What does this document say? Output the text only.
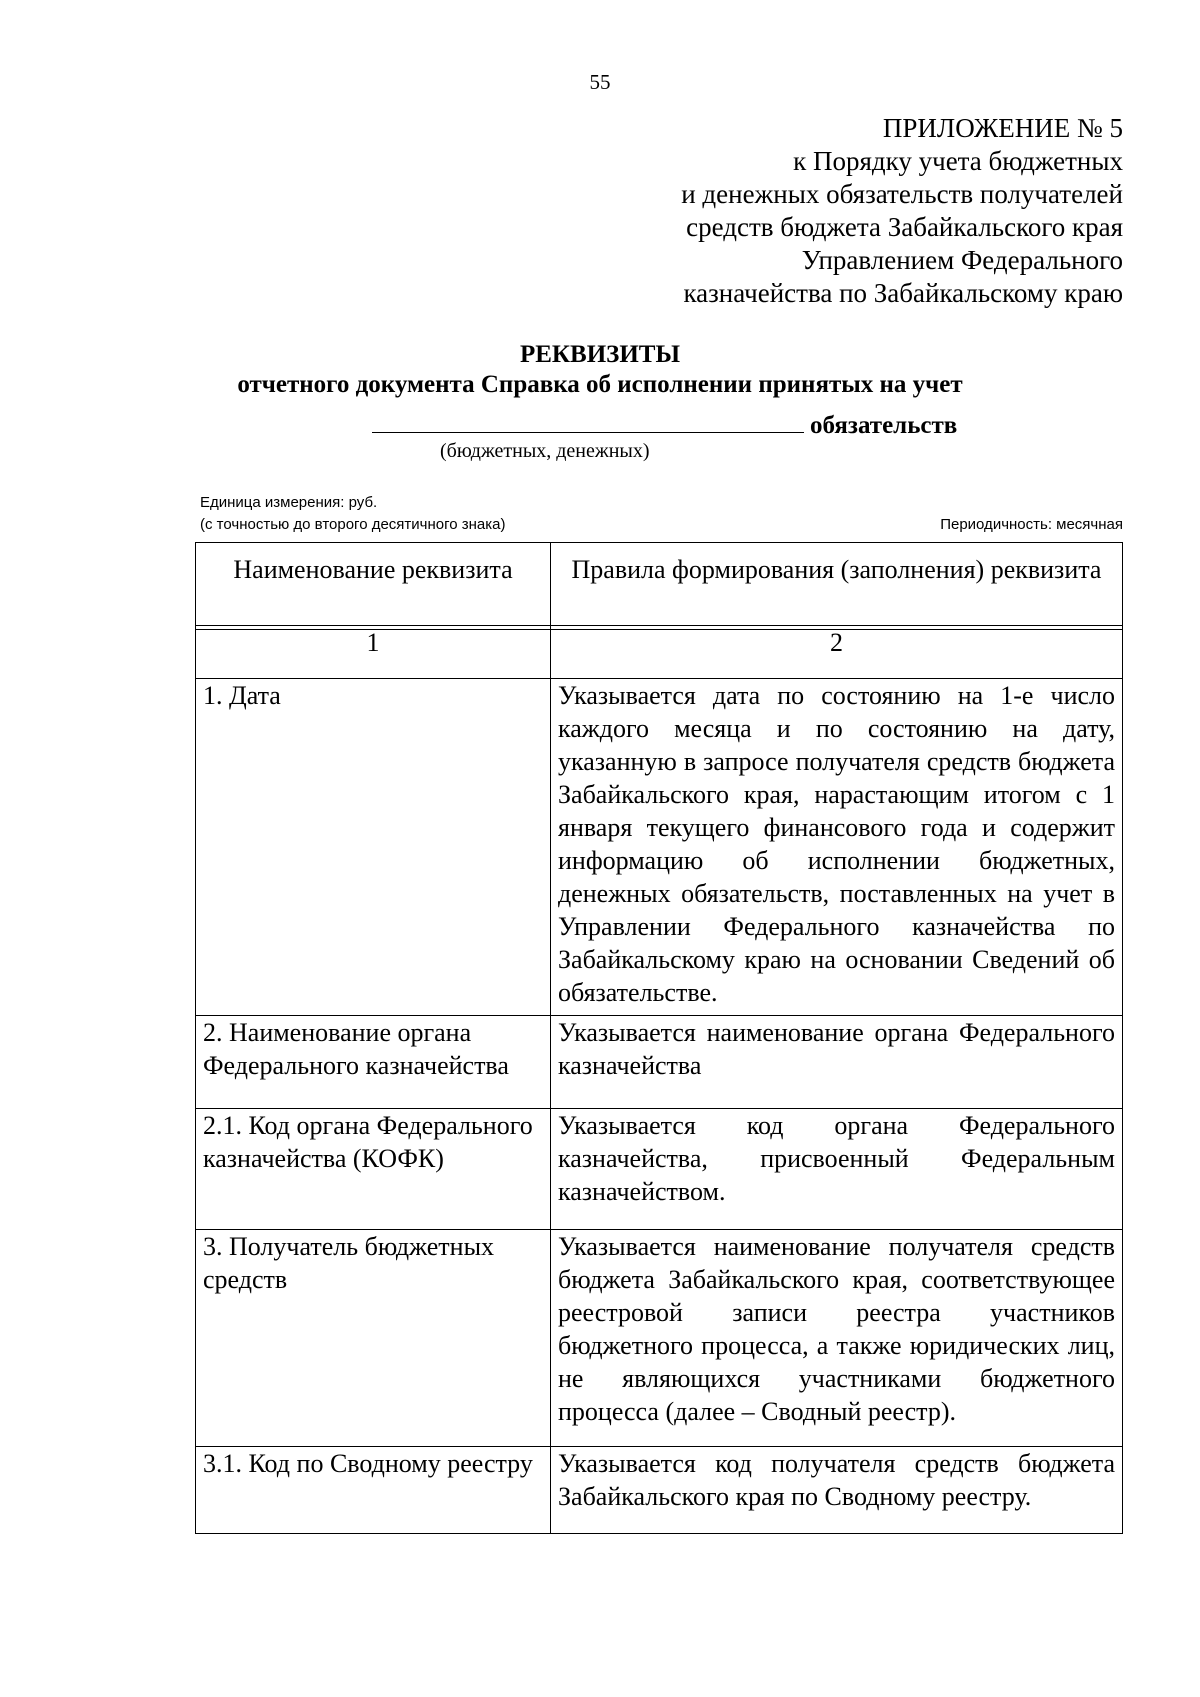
55
ПРИЛОЖЕНИЕ № 5
к Порядку учета бюджетных
и денежных обязательств получателей
средств бюджета Забайкальского края
Управлением Федерального
казначейства по Забайкальскому краю
РЕКВИЗИТЫ
отчетного документа Справка об исполнении принятых на учет
обязательств
(бюджетных, денежных)
Единица измерения: руб.
(с точностью до второго десятичного знака)	Периодичность: месячная
Наименование реквизита	Правила формирования (заполнения) реквизита
1	2
1. Дата	Указывается дата по состоянию на 1-е число каждого месяца и по состоянию на дату, указанную в запросе получателя средств бюджета Забайкальского края, нарастающим итогом с 1 января текущего финансового года и содержит информацию об исполнении бюджетных, денежных обязательств, поставленных на учет в Управлении Федерального казначейства по Забайкальскому краю на основании Сведений об обязательстве.
2. Наименование органа Федерального казначейства	Указывается наименование органа Федерального казначейства
2.1. Код органа Федерального казначейства (КОФК)	Указывается код органа Федерального казначейства, присвоенный Федеральным казначейством.
3. Получатель бюджетных средств	Указывается наименование получателя средств бюджета Забайкальского края, соответствующее реестровой записи реестра участников бюджетного процесса, а также юридических лиц, не являющихся участниками бюджетного процесса (далее – Сводный реестр).
3.1. Код по Сводному реестру	Указывается код получателя средств бюджета Забайкальского края по Сводному реестру.
